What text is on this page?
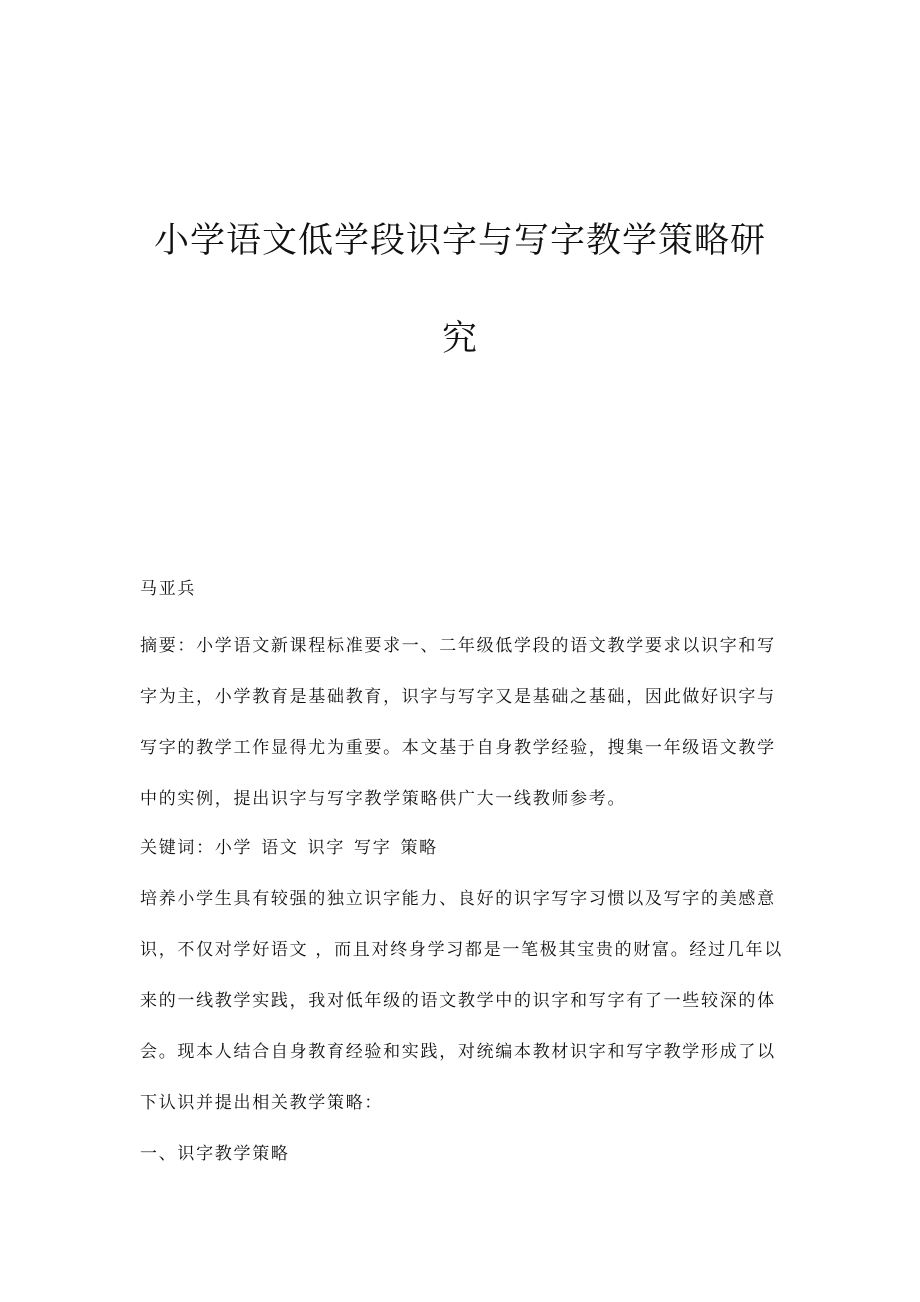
小学语文低学段识字与写字教学策略研
究
马亚兵
摘要：小学语文新课程标准要求一、二年级低学段的语文教学要求以识字和写
字为主，小学教育是基础教育，识字与写字又是基础之基础，因此做好识字与
写字的教学工作显得尤为重要。本文基于自身教学经验，搜集一年级语文教学
中的实例，提出识字与写字教学策略供广大一线教师参考。
关键词：小学 语文 识字 写字 策略
培养小学生具有较强的独立识字能力、良好的识字写字习惯以及写字的美感意
识，不仅对学好语文 ，而且对终身学习都是一笔极其宝贵的财富。经过几年以
来的一线教学实践，我对低年级的语文教学中的识字和写字有了一些较深的体
会。现本人结合自身教育经验和实践，对统编本教材识字和写字教学形成了以
下认识并提出相关教学策略：
一、识字教学策略
